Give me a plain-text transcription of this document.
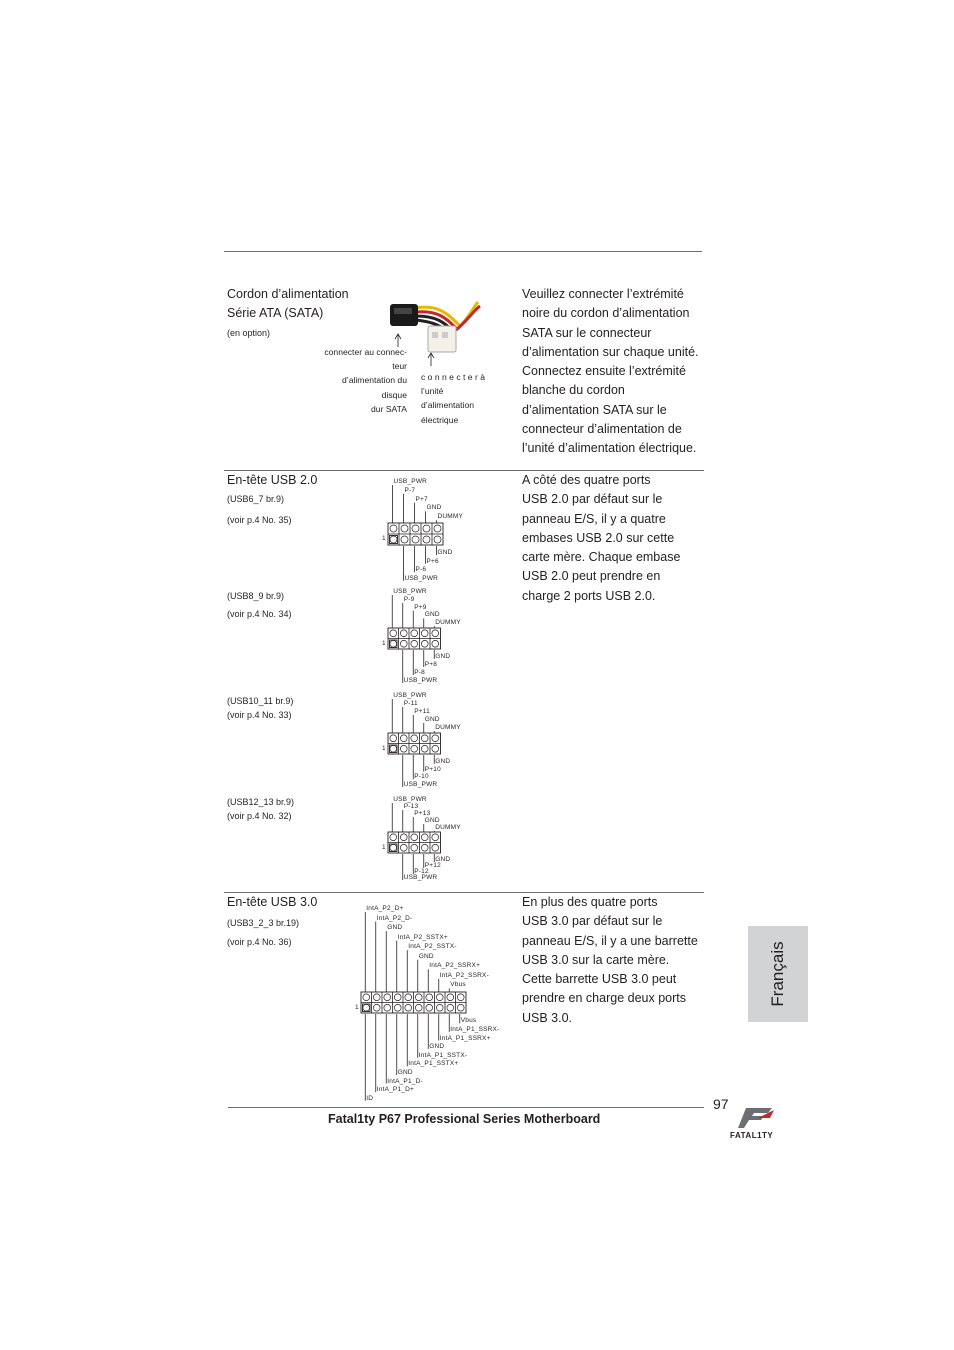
Cordon d’alimentation
Série ATA (SATA)
(en option)
connecter au connec-
teur
d’alimentation du
disque
dur SATA
c o n n e c t e r à
l’unité
d’alimentation
électrique
Veuillez connecter l’extrémité
noire du cordon d’alimentation
SATA sur le connecteur
d’alimentation sur chaque unité.
Connectez ensuite l’extrémité
blanche du cordon
d’alimentation SATA sur le
connecteur d’alimentation de
l’unité d’alimentation électrique.
En-tête USB 2.0
(USB6_7 br.9)
(voir p.4 No. 35)
(USB8_9 br.9)
(voir p.4 No. 34)
(USB10_11 br.9)
(voir p.4 No. 33)
(USB12_13 br.9)
(voir p.4 No. 32)
1
USB_PWR
P-7
P+7
GND
DUMMY
GND
P+6
P-6
USB_PWR
1
USB_PWR
P-9
P+9
GND
DUMMY
GND
P+8
P-8
USB_PWR
1
USB_PWR
P-11
P+11
GND
DUMMY
GND
P+10
P-10
USB_PWR
1
USB_PWR
P-13
P+13
GND
DUMMY
GND
P+12
P-12
USB_PWR
A côté des quatre ports
USB 2.0 par défaut sur le
panneau E/S, il y a quatre
embases USB 2.0 sur cette
carte mère. Chaque embase
USB 2.0 peut prendre en
charge 2 ports USB 2.0.
En-tête USB 3.0
(USB3_2_3 br.19)
(voir p.4 No. 36)
1
IntA_P2_D+
IntA_P2_D-
GND
IntA_P2_SSTX+
IntA_P2_SSTX-
GND
IntA_P2_SSRX+
IntA_P2_SSRX-
Vbus
Vbus
IntA_P1_SSRX-
IntA_P1_SSRX+
GND
IntA_P1_SSTX-
IntA_P1_SSTX+
GND
IntA_P1_D-
IntA_P1_D+
ID
En plus des quatre ports
USB 3.0 par défaut sur le
panneau E/S, il y a une barrette
USB 3.0 sur la carte mère.
Cette barrette USB 3.0 peut
prendre en charge deux ports
USB 3.0.
Français
97
Fatal1ty P67 Professional Series Motherboard
FATAL1TY
